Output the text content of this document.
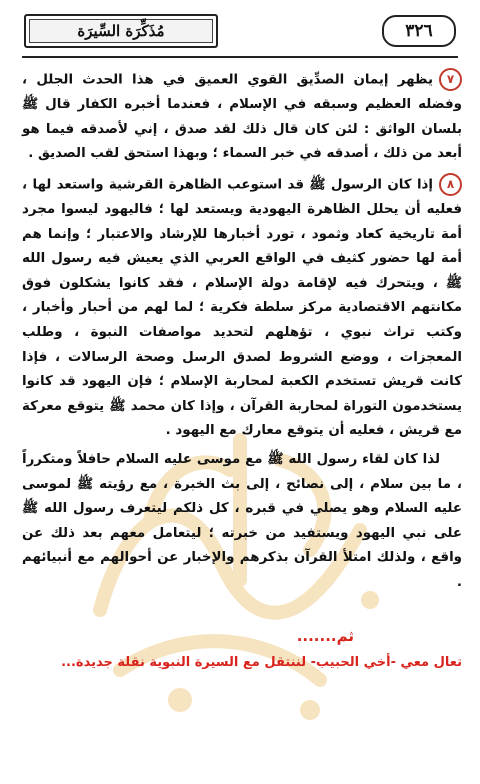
مُذَكِّرَة السِّيرَة	٣٢٦

٧يظهر إيمان الصدِّيق القوي العميق في هذا الحدث الجلل ، وفضله العظيم وسبقه في الإسلام ، فعندما أخبره الكفار قال ﷺ بلسان الواثق : لئن كان قال ذلك لقد صدق ، إني لأصدقه فيما هو أبعد من ذلك ، أصدقه في خبر السماء ؛ وبهذا استحق لقب الصديق .

٨إذا كان الرسول ﷺ قد استوعب الظاهرة القرشية واستعد لها ، فعليه أن يحلل الظاهرة اليهودية ويستعد لها ؛ فاليهود ليسوا مجرد أمة تاريخية كعاد وثمود ، تورد أخبارها للإرشاد والاعتبار ؛ وإنما هم أمة لها حضور كثيف في الواقع العربي الذي يعيش فيه رسول الله ﷺ ، ويتحرك فيه لإقامة دولة الإسلام ، فقد كانوا يشكلون فوق مكانتهم الاقتصادية مركز سلطة فكرية ؛ لما لهم من أحبار وأخبار ، وكتب تراث نبوي ، تؤهلهم لتحديد مواصفات النبوة ، وطلب المعجزات ، ووضع الشروط لصدق الرسل وصحة الرسالات ، فإذا كانت قريش تستخدم الكعبة لمحاربة الإسلام ؛ فإن اليهود قد كانوا يستخدمون التوراة لمحاربة القرآن ، وإذا كان محمد ﷺ يتوقع معركة مع قريش ، فعليه أن يتوقع معارك مع اليهود .

لذا كان لقاء رسول الله ﷺ مع موسى عليه السلام حافلاً ومتكرراً ، ما بين سلام ، إلى نصائح ، إلى بث الخبرة ، مع رؤيته ﷺ لموسى عليه السلام وهو يصلي في قبره ، كل ذلكم ليتعرف رسول الله ﷺ على نبي اليهود ويستفيد من خبرته ؛ ليتعامل معهم بعد ذلك عن واقع ، ولذلك امتلأ القرآن بذكرهم والإخبار عن أحوالهم مع أنبيائهم .

ثم.......
تعال معي -أخي الحبيب- لننتقل مع السيرة النبوية نقلة جديدة...
